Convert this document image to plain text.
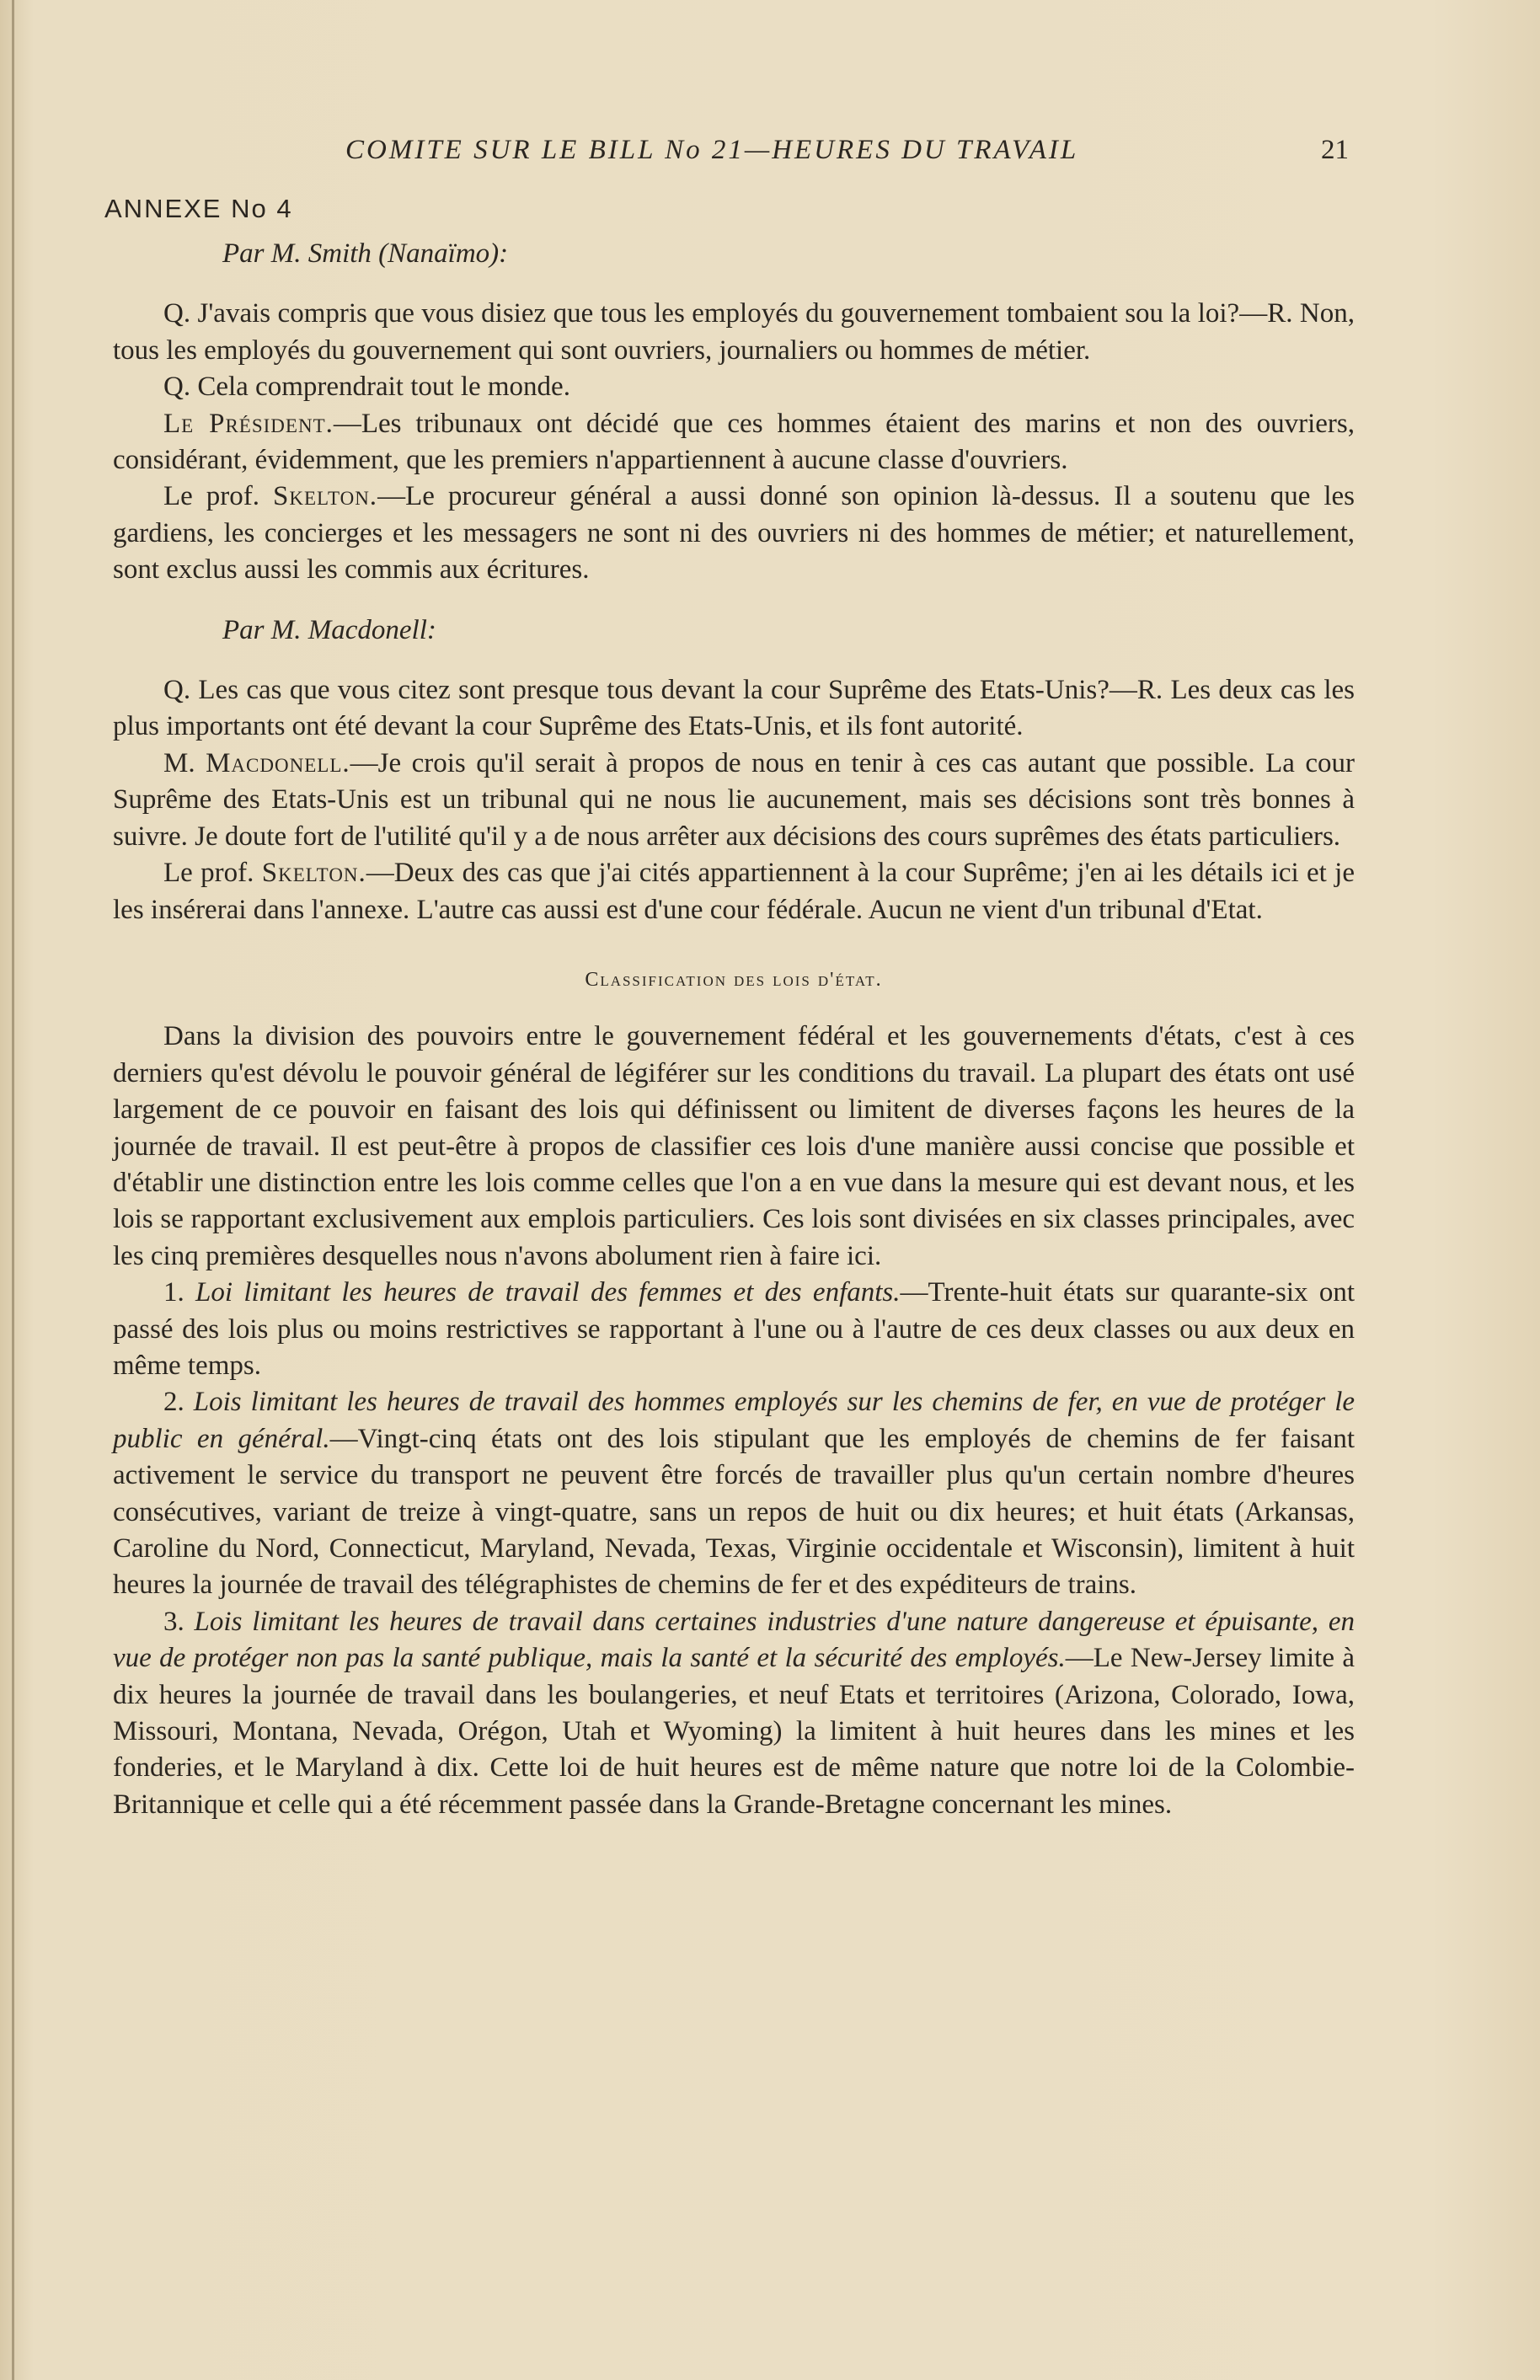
COMITE SUR LE BILL No 21—HEURES DU TRAVAIL	21
ANNEXE No 4

Par M. Smith (Nanaïmo):

Q. J'avais compris que vous disiez que tous les employés du gouvernement tombaient sou la loi?—R. Non, tous les employés du gouvernement qui sont ouvriers, journaliers ou hommes de métier.

Q. Cela comprendrait tout le monde.

Le Président.—Les tribunaux ont décidé que ces hommes étaient des marins et non des ouvriers, considérant, évidemment, que les premiers n'appartiennent à aucune classe d'ouvriers.

Le prof. Skelton.—Le procureur général a aussi donné son opinion là-dessus. Il a soutenu que les gardiens, les concierges et les messagers ne sont ni des ouvriers ni des hommes de métier; et naturellement, sont exclus aussi les commis aux écritures.

Par M. Macdonell:

Q. Les cas que vous citez sont presque tous devant la cour Suprême des Etats-Unis?—R. Les deux cas les plus importants ont été devant la cour Suprême des Etats-Unis, et ils font autorité.

M. Macdonell.—Je crois qu'il serait à propos de nous en tenir à ces cas autant que possible. La cour Suprême des Etats-Unis est un tribunal qui ne nous lie aucunement, mais ses décisions sont très bonnes à suivre. Je doute fort de l'utilité qu'il y a de nous arrêter aux décisions des cours suprêmes des états particuliers.

Le prof. Skelton.—Deux des cas que j'ai cités appartiennent à la cour Suprême; j'en ai les détails ici et je les insérerai dans l'annexe. L'autre cas aussi est d'une cour fédérale. Aucun ne vient d'un tribunal d'Etat.

Classification des lois d'état.

Dans la division des pouvoirs entre le gouvernement fédéral et les gouvernements d'états, c'est à ces derniers qu'est dévolu le pouvoir général de légiférer sur les conditions du travail. La plupart des états ont usé largement de ce pouvoir en faisant des lois qui définissent ou limitent de diverses façons les heures de la journée de travail. Il est peut-être à propos de classifier ces lois d'une manière aussi concise que possible et d'établir une distinction entre les lois comme celles que l'on a en vue dans la mesure qui est devant nous, et les lois se rapportant exclusivement aux emplois particuliers. Ces lois sont divisées en six classes principales, avec les cinq premières desquelles nous n'avons abolument rien à faire ici.

1. Loi limitant les heures de travail des femmes et des enfants.—Trente-huit états sur quarante-six ont passé des lois plus ou moins restrictives se rapportant à l'une ou à l'autre de ces deux classes ou aux deux en même temps.

2. Lois limitant les heures de travail des hommes employés sur les chemins de fer, en vue de protéger le public en général.—Vingt-cinq états ont des lois stipulant que les employés de chemins de fer faisant activement le service du transport ne peuvent être forcés de travailler plus qu'un certain nombre d'heures consécutives, variant de treize à vingt-quatre, sans un repos de huit ou dix heures; et huit états (Arkansas, Caroline du Nord, Connecticut, Maryland, Nevada, Texas, Virginie occidentale et Wisconsin), limitent à huit heures la journée de travail des télégraphistes de chemins de fer et des expéditeurs de trains.

3. Lois limitant les heures de travail dans certaines industries d'une nature dangereuse et épuisante, en vue de protéger non pas la santé publique, mais la santé et la sécurité des employés.—Le New-Jersey limite à dix heures la journée de travail dans les boulangeries, et neuf Etats et territoires (Arizona, Colorado, Iowa, Missouri, Montana, Nevada, Orégon, Utah et Wyoming) la limitent à huit heures dans les mines et les fonderies, et le Maryland à dix. Cette loi de huit heures est de même nature que notre loi de la Colombie-Britannique et celle qui a été récemment passée dans la Grande-Bretagne concernant les mines.
